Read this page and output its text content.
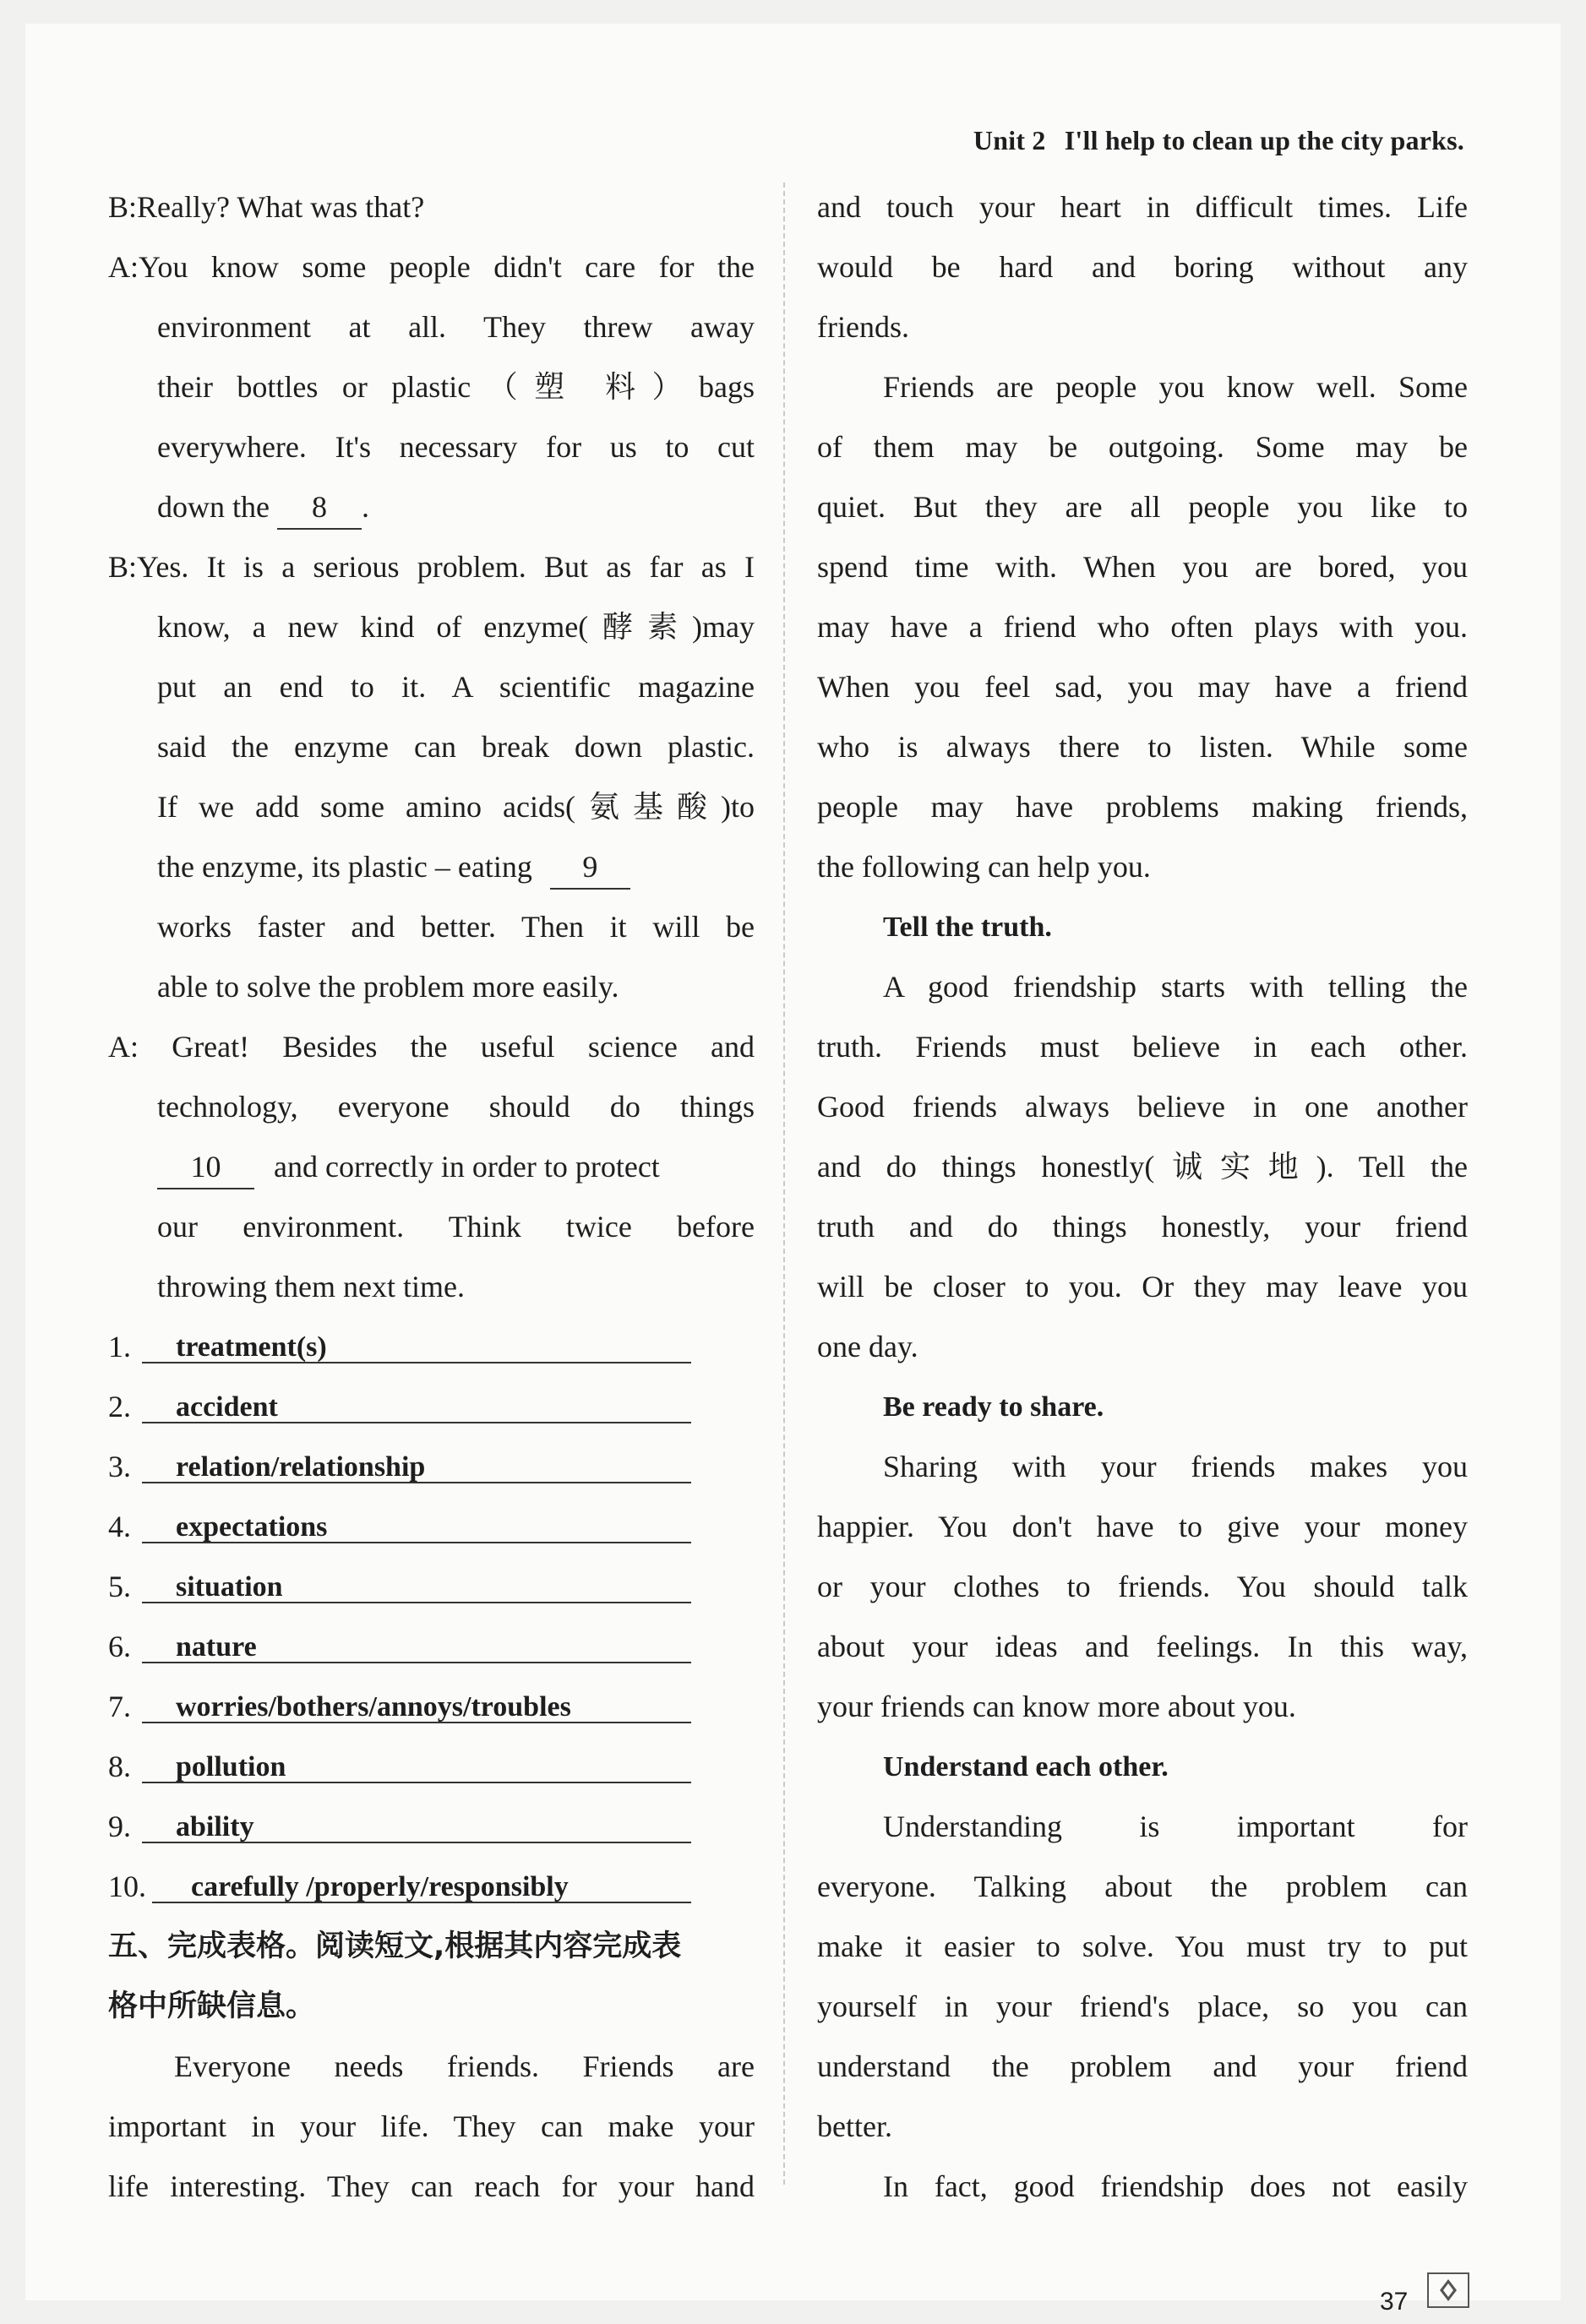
Unit 2 I'll help to clean up the city parks.
B:Really? What was that?
A:You know some people didn't care for the
environment at all. They threw away
their bottles or plastic（塑 料）bags
everywhere. It's necessary for us to cut
down the 8 .
B:Yes. It is a serious problem. But as far as I
know, a new kind of enzyme(酵素)may
put an end to it. A scientific magazine
said the enzyme can break down plastic.
If we add some amino acids(氨基酸)to
the enzyme, its plastic – eating 9
works faster and better. Then it will be
able to solve the problem more easily.
A: Great! Besides the useful science and
technology, everyone should do things
10 and correctly in order to protect
our environment. Think twice before
throwing them next time.
1. treatment(s)
2. accident
3. relation/relationship
4. expectations
5. situation
6. nature
7. worries/bothers/annoys/troubles
8. pollution
9. ability
10. carefully /properly/responsibly
五、完成表格。阅读短文,根据其内容完成表
格中所缺信息。
Everyone needs friends. Friends are
important in your life. They can make your
life interesting. They can reach for your hand
and touch your heart in difficult times. Life
would be hard and boring without any
friends.
Friends are people you know well. Some
of them may be outgoing. Some may be
quiet. But they are all people you like to
spend time with. When you are bored, you
may have a friend who often plays with you.
When you feel sad, you may have a friend
who is always there to listen. While some
people may have problems making friends,
the following can help you.
Tell the truth.
A good friendship starts with telling the
truth. Friends must believe in each other.
Good friends always believe in one another
and do things honestly(诚实地). Tell the
truth and do things honestly, your friend
will be closer to you. Or they may leave you
one day.
Be ready to share.
Sharing with your friends makes you
happier. You don't have to give your money
or your clothes to friends. You should talk
about your ideas and feelings. In this way,
your friends can know more about you.
Understand each other.
Understanding is important for
everyone. Talking about the problem can
make it easier to solve. You must try to put
yourself in your friend's place, so you can
understand the problem and your friend
better.
In fact, good friendship does not easily
37
